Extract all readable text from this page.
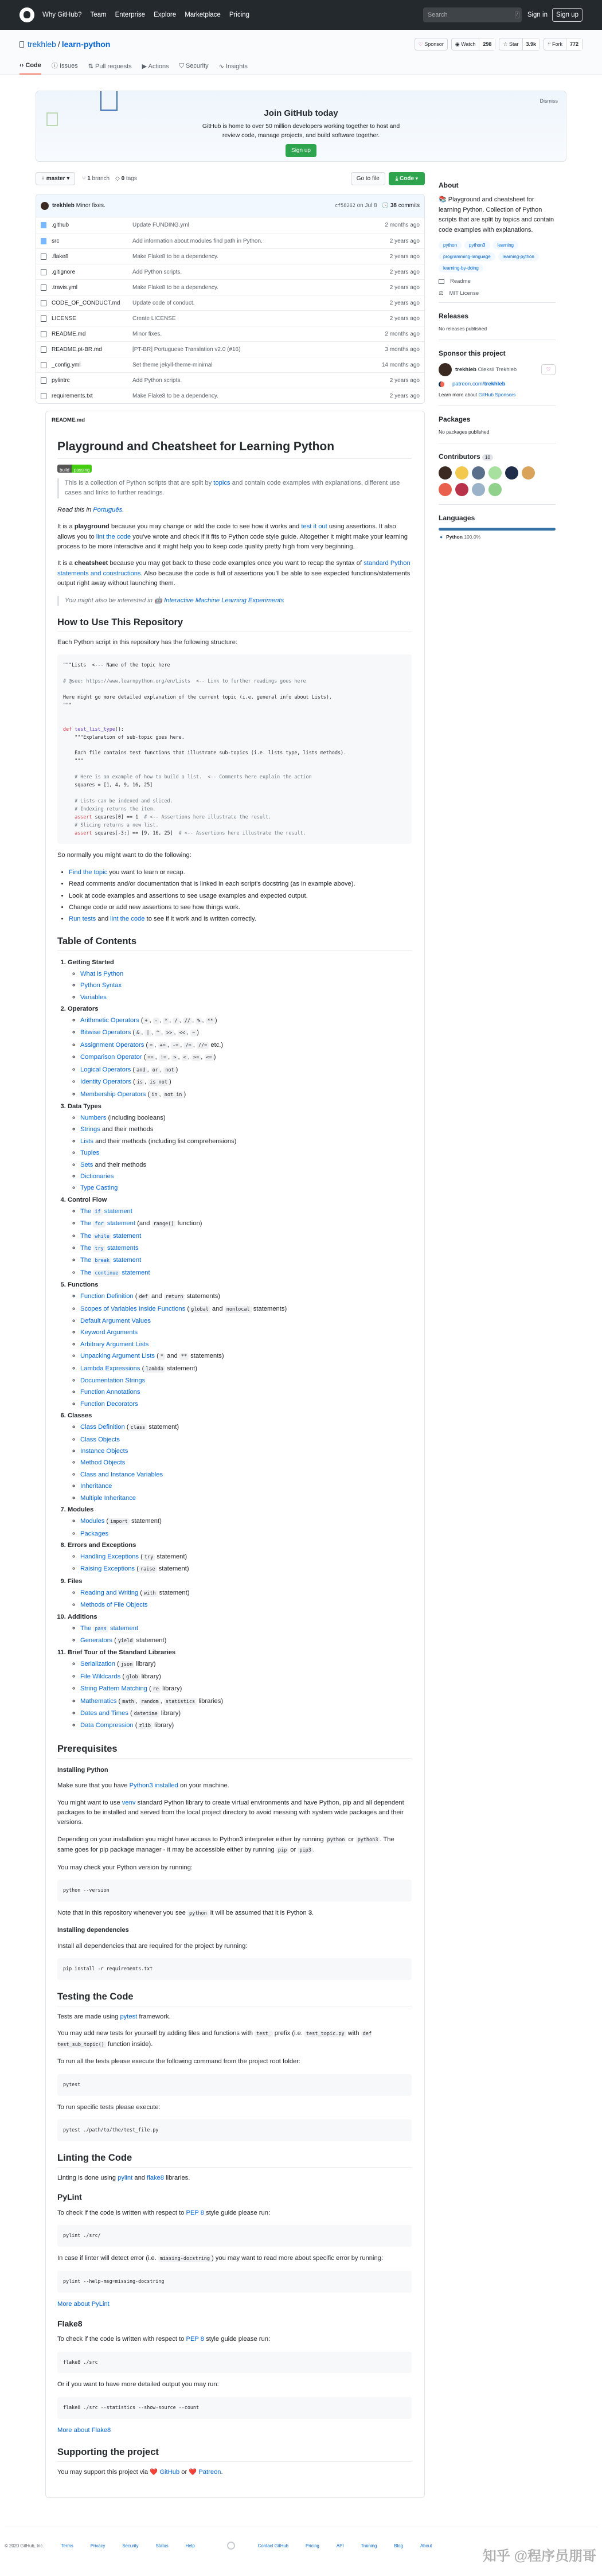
Why GitHub? Team Enterprise Explore Marketplace Pricing	Search	/ Sign in	Sign up
trekhleb / learn-python	♡ Sponsor	◉ Watch	298	☆ Star	3.9k	⑂ Fork	772
‹› Code ⓘ Issues ⇅ Pull requests ▶ Actions ⛉ Security ∿ Insights
Dismiss
Join GitHub today

GitHub is home to over 50 million developers working together to host and review code, manage projects, and build software together.

Sign up
⑂ master ▾	⑂ 1 branch ◇ 0 tags	Go to file	⤓ Code ▾
trekhleb
Minor fixes.	cf58262
on Jul 8 🕓 38 commits
.github	Update FUNDING.yml	2 months ago
src	Add information about modules find path in Python.	2 years ago
.flake8	Make Flake8 to be a dependency.	2 years ago
.gitignore	Add Python scripts.	2 years ago
.travis.yml	Make Flake8 to be a dependency.	2 years ago
CODE_OF_CONDUCT.md	Update code of conduct.	2 years ago
LICENSE	Create LICENSE	2 years ago
README.md	Minor fixes.	2 months ago
README.pt-BR.md	[PT-BR] Portuguese Translation v2.0 (#16)	3 months ago
_config.yml	Set theme jekyll-theme-minimal	14 months ago
pylintrc	Add Python scripts.	2 years ago
requirements.txt	Make Flake8 to be a dependency.	2 years ago
README.md
Playground and Cheatsheet for Learning Python
build	passing
This is a collection of Python scripts that are split by topics and contain code examples with explanations, different use cases and links to further readings.

Read this in Português.

It is a playground because you may change or add the code to see how it works and test it out using assertions. It also allows you to lint the code you've wrote and check if it fits to Python code style guide. Altogether it might make your learning process to be more interactive and it might help you to keep code quality pretty high from very beginning.

It is a cheatsheet because you may get back to these code examples once you want to recap the syntax of standard Python statements and constructions. Also because the code is full of assertions you'll be able to see expected functions/statements output right away without launching them.

You might also be interested in 🤖 Interactive Machine Learning Experiments
How to Use This Repository

Each Python script in this repository has the following structure:

"""Lists  <--- Name of the topic here

# @see: https://www.learnpython.org/en/Lists  <-- Link to further readings goes here

Here might go more detailed explanation of the current topic (i.e. general info about Lists).
"""

def test_list_type():
"""Explanation of sub-topic goes here.

Each file contains test functions that illustrate sub-topics (i.e. lists type, lists methods).
"""

# Here is an example of how to build a list.  <-- Comments here explain the action
squares = [1, 4, 9, 16, 25]

# Lists can be indexed and sliced.
# Indexing returns the item.
assert squares[0] == 1  # <-- Assertions here illustrate the result.
# Slicing returns a new list.
assert squares[-3:] == [9, 16, 25]  # <-- Assertions here illustrate the result.

So normally you might want to do the following:

• Find the topic you want to learn or recap.
• Read comments and/or documentation that is linked in each script's docstring (as in example above).
• Look at code examples and assertions to see usage examples and expected output.
• Change code or add new assertions to see how things work.
• Run tests and lint the code to see if it work and is written correctly.
Table of Contents
1. Getting Started
◦ What is Python
◦ Python Syntax
◦ Variables
2. Operators
◦ Arithmetic Operators ( + , - , * , / , // , % , ** )
◦ Bitwise Operators ( & , | , ^ , >> , << , ~ )
◦ Assignment Operators ( = , += , -= , /= , //= etc.)
◦ Comparison Operator ( == , != , > , < , >= , <= )
◦ Logical Operators ( and , or , not )
◦ Identity Operators ( is , is not )
◦ Membership Operators ( in , not in )
3. Data Types
◦ Numbers (including booleans)
◦ Strings and their methods
◦ Lists and their methods (including list comprehensions)
◦ Tuples
◦ Sets and their methods
◦ Dictionaries
◦ Type Casting
4. Control Flow
◦ The if statement
◦ The for statement (and range() function)
◦ The while statement
◦ The try statements
◦ The break statement
◦ The continue statement
5. Functions
◦ Function Definition ( def and return statements)
◦ Scopes of Variables Inside Functions ( global and nonlocal statements)
◦ Default Argument Values
◦ Keyword Arguments
◦ Arbitrary Argument Lists
◦ Unpacking Argument Lists ( * and ** statements)
◦ Lambda Expressions ( lambda statement)
◦ Documentation Strings
◦ Function Annotations
◦ Function Decorators
6. Classes
◦ Class Definition ( class statement)
◦ Class Objects
◦ Instance Objects
◦ Method Objects
◦ Class and Instance Variables
◦ Inheritance
◦ Multiple Inheritance
7. Modules
◦ Modules ( import statement)
◦ Packages
8. Errors and Exceptions
◦ Handling Exceptions ( try statement)
◦ Raising Exceptions ( raise statement)
9. Files
◦ Reading and Writing ( with statement)
◦ Methods of File Objects
10. Additions
◦ The pass statement
◦ Generators ( yield statement)
11. Brief Tour of the Standard Libraries
◦ Serialization ( json library)
◦ File Wildcards ( glob library)
◦ String Pattern Matching ( re library)
◦ Mathematics ( math , random , statistics libraries)
◦ Dates and Times ( datetime library)
◦ Data Compression ( zlib library)
Prerequisites
Installing Python

Make sure that you have Python3 installed on your machine.

You might want to use venv standard Python library to create virtual environments and have Python, pip and all dependent packages to be installed and served from the local project directory to avoid messing with system wide packages and their versions.

Depending on your installation you might have access to Python3 interpreter either by running python or python3 . The same goes for pip package manager - it may be accessible either by running pip or pip3 .

You may check your Python version by running:

python --version

Note that in this repository whenever you see python it will be assumed that it is Python 3.

Installing dependencies

Install all dependencies that are required for the project by running:

pip install -r requirements.txt
Testing the Code

Tests are made using pytest framework.

You may add new tests for yourself by adding files and functions with test_ prefix (i.e. test_topic.py with def test_sub_topic() function inside).

To run all the tests please execute the following command from the project root folder:

pytest

To run specific tests please execute:

pytest ./path/to/the/test_file.py
Linting the Code

Linting is done using pylint and flake8 libraries.

PyLint

To check if the code is written with respect to PEP 8 style guide please run:

pylint ./src/

In case if linter will detect error (i.e. missing-docstring ) you may want to read more about specific error by running:

pylint --help-msg=missing-docstring

More about PyLint

Flake8

To check if the code is written with respect to PEP 8 style guide please run:

flake8 ./src

Or if you want to have more detailed output you may run:

flake8 ./src --statistics --show-source --count

More about Flake8

Supporting the project

You may support this project via ❤️ GitHub or ❤️ Patreon.

About
📚 Playground and cheatsheet for learning Python. Collection of Python scripts that are split by topics and contain code examples with explanations.
python	python3	learning
programming-language	learning-python
learning-by-doing
Readme
⚖ MIT License
Releases
No releases published
Sponsor this project
trekhleb
Oleksii Trekhleb	♡
patreon.com/ trekhleb
Learn more about GitHub Sponsors
Packages
No packages published
Contributors 10
Languages
● Python 100.0%
© 2020 GitHub, Inc.	Terms	Privacy	Security	Status	Help	Contact GitHub	Pricing	API	Training	Blog	About
知乎 @程序员朋哥
